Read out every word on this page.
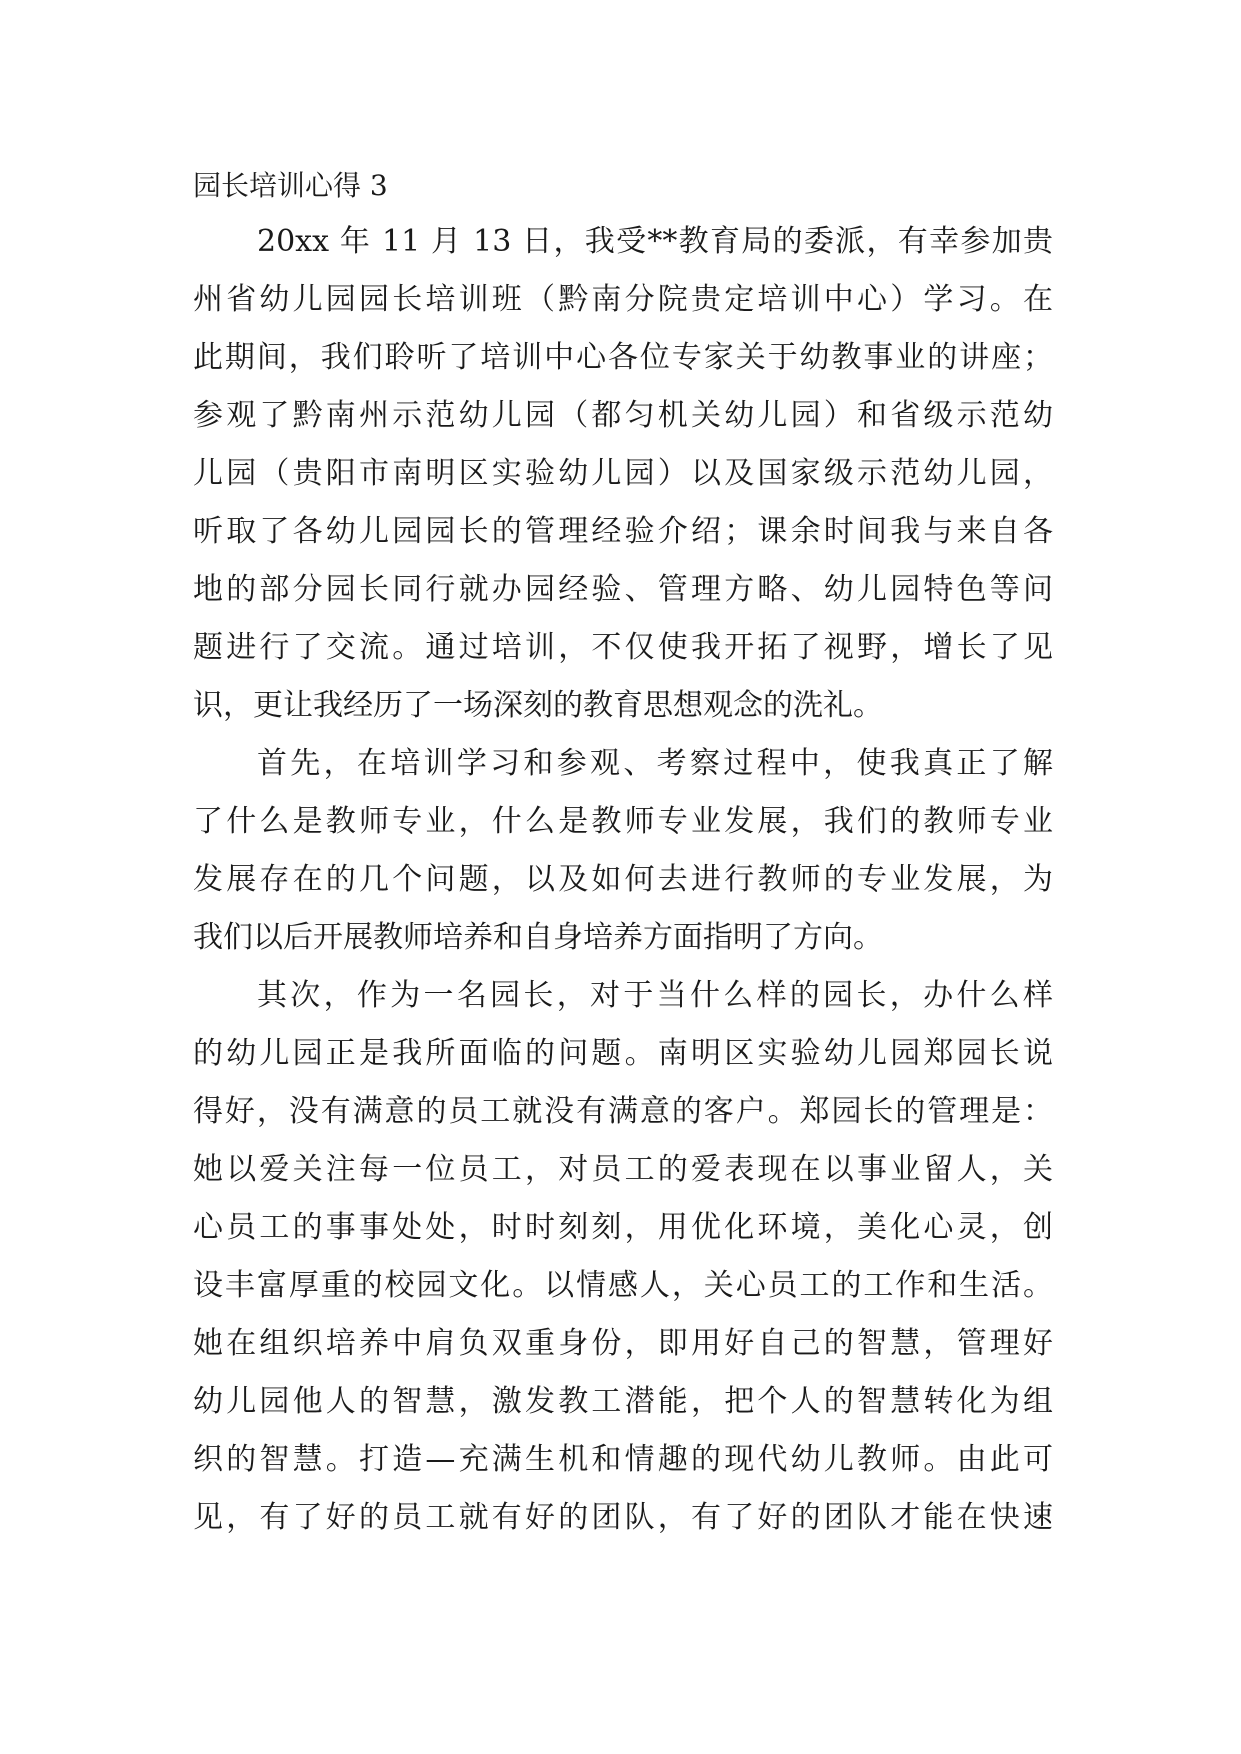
园长培训心得 3
20xx 年 11 月 13 日，我受**教育局的委派，有幸参加贵
州省幼儿园园长培训班（黔南分院贵定培训中心）学习。在
此期间，我们聆听了培训中心各位专家关于幼教事业的讲座；
参观了黔南州示范幼儿园（都匀机关幼儿园）和省级示范幼
儿园（贵阳市南明区实验幼儿园）以及国家级示范幼儿园，
听取了各幼儿园园长的管理经验介绍；课余时间我与来自各
地的部分园长同行就办园经验、管理方略、幼儿园特色等问
题进行了交流。通过培训，不仅使我开拓了视野，增长了见
识，更让我经历了一场深刻的教育思想观念的洗礼。
首先，在培训学习和参观、考察过程中，使我真正了解
了什么是教师专业，什么是教师专业发展，我们的教师专业
发展存在的几个问题，以及如何去进行教师的专业发展，为
我们以后开展教师培养和自身培养方面指明了方向。
其次，作为一名园长，对于当什么样的园长，办什么样
的幼儿园正是我所面临的问题。南明区实验幼儿园郑园长说
得好，没有满意的员工就没有满意的客户。郑园长的管理是：
她以爱关注每一位员工，对员工的爱表现在以事业留人，关
心员工的事事处处，时时刻刻，用优化环境，美化心灵，创
设丰富厚重的校园文化。以情感人，关心员工的工作和生活。
她在组织培养中肩负双重身份，即用好自己的智慧，管理好
幼儿园他人的智慧，激发教工潜能，把个人的智慧转化为组
织的智慧。打造—充满生机和情趣的现代幼儿教师。由此可
见，有了好的员工就有好的团队，有了好的团队才能在快速
